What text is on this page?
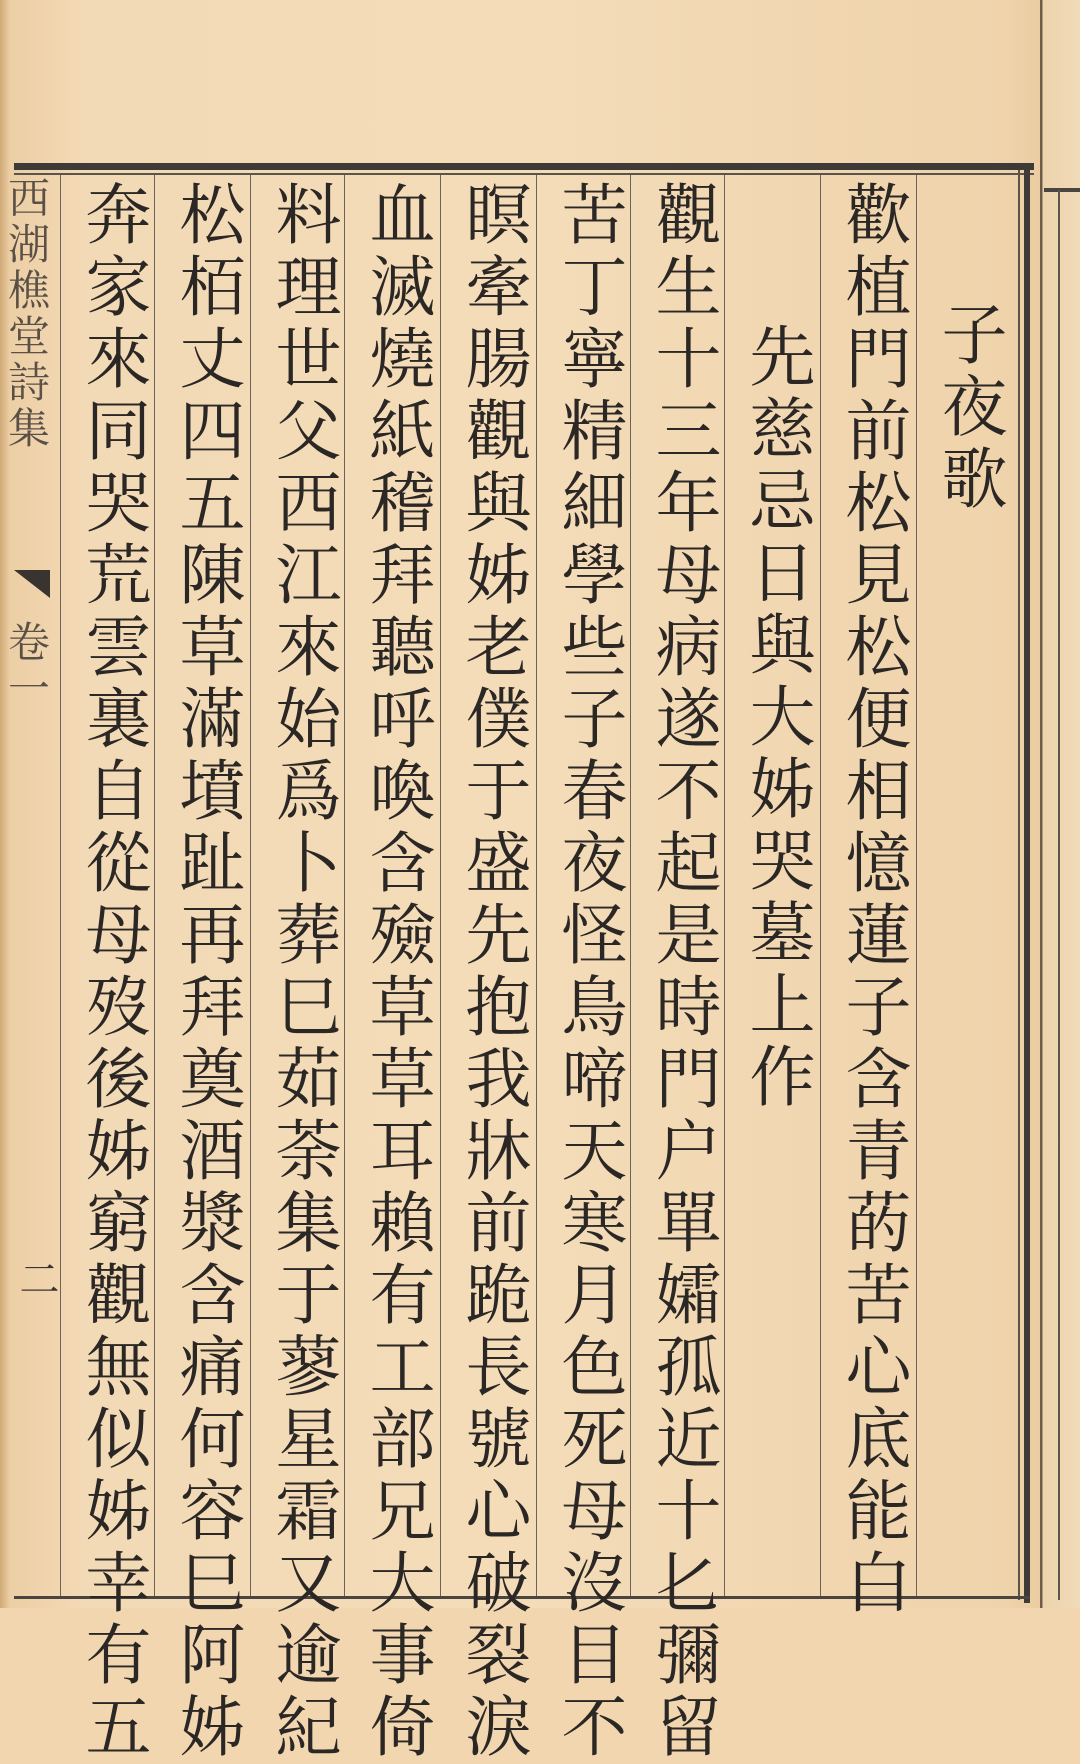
子夜歌
歡植門前松見松便相憶蓮子含青菂苦心底能白
先慈忌日與大姊哭墓上作
觀生十三年母病遂不起是時門户單孀孤近十𠤎彌留
苦丁寧精細學些子春夜怪鳥啼天寒月色死母沒目不
瞑牽腸觀與姊老僕于盛先抱我牀前跪長號心破裂淚
血滅燒紙稽拜聽呼喚含殮草草耳賴有工部兄大事倚
料理世父西江來始爲卜葬巳茹荼集于蓼星霜又逾紀
松栢丈四五陳草滿墳趾再拜奠酒漿含痛何容巳阿姊
奔家來同哭荒雲裏自從母歿後姊窮觀無似姊幸有五
西湖樵堂詩集
卷一
二
